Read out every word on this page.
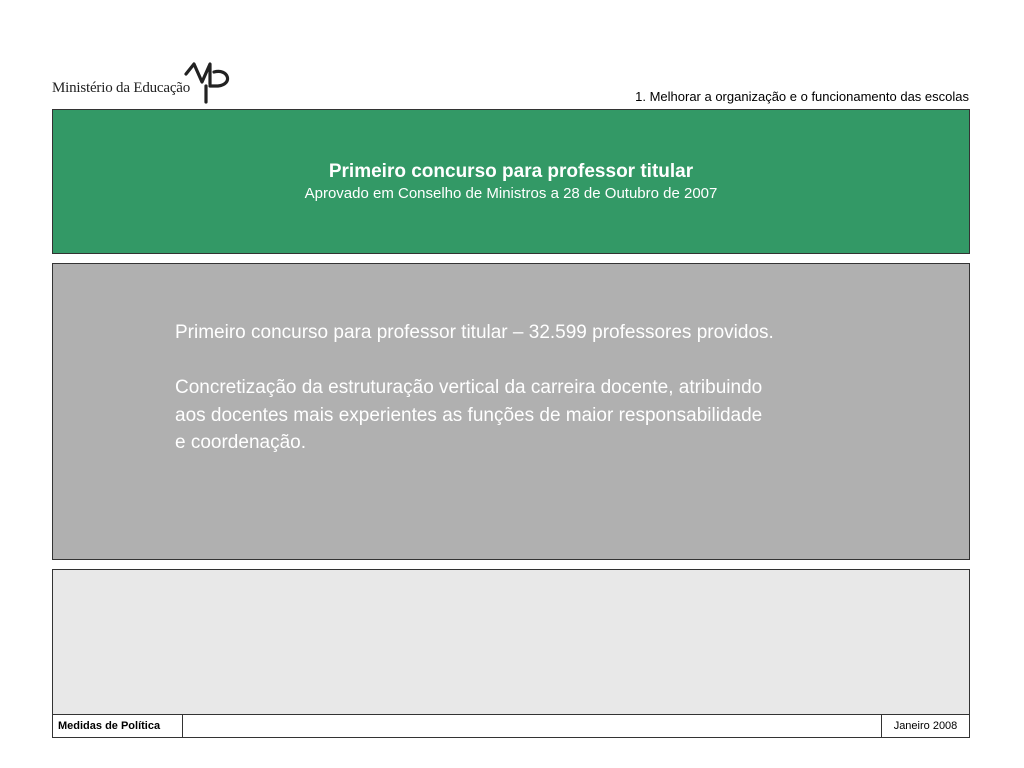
Ministério da Educação
1. Melhorar a organização e o funcionamento das escolas
Primeiro concurso para professor titular
Aprovado em Conselho de Ministros a 28 de Outubro de 2007

Primeiro concurso para professor titular – 32.599 professores providos.

Concretização da estruturação vertical da carreira docente, atribuindo

aos docentes mais experientes as funções de maior responsabilidade

e coordenação.

Medidas de Política	Janeiro 2008
